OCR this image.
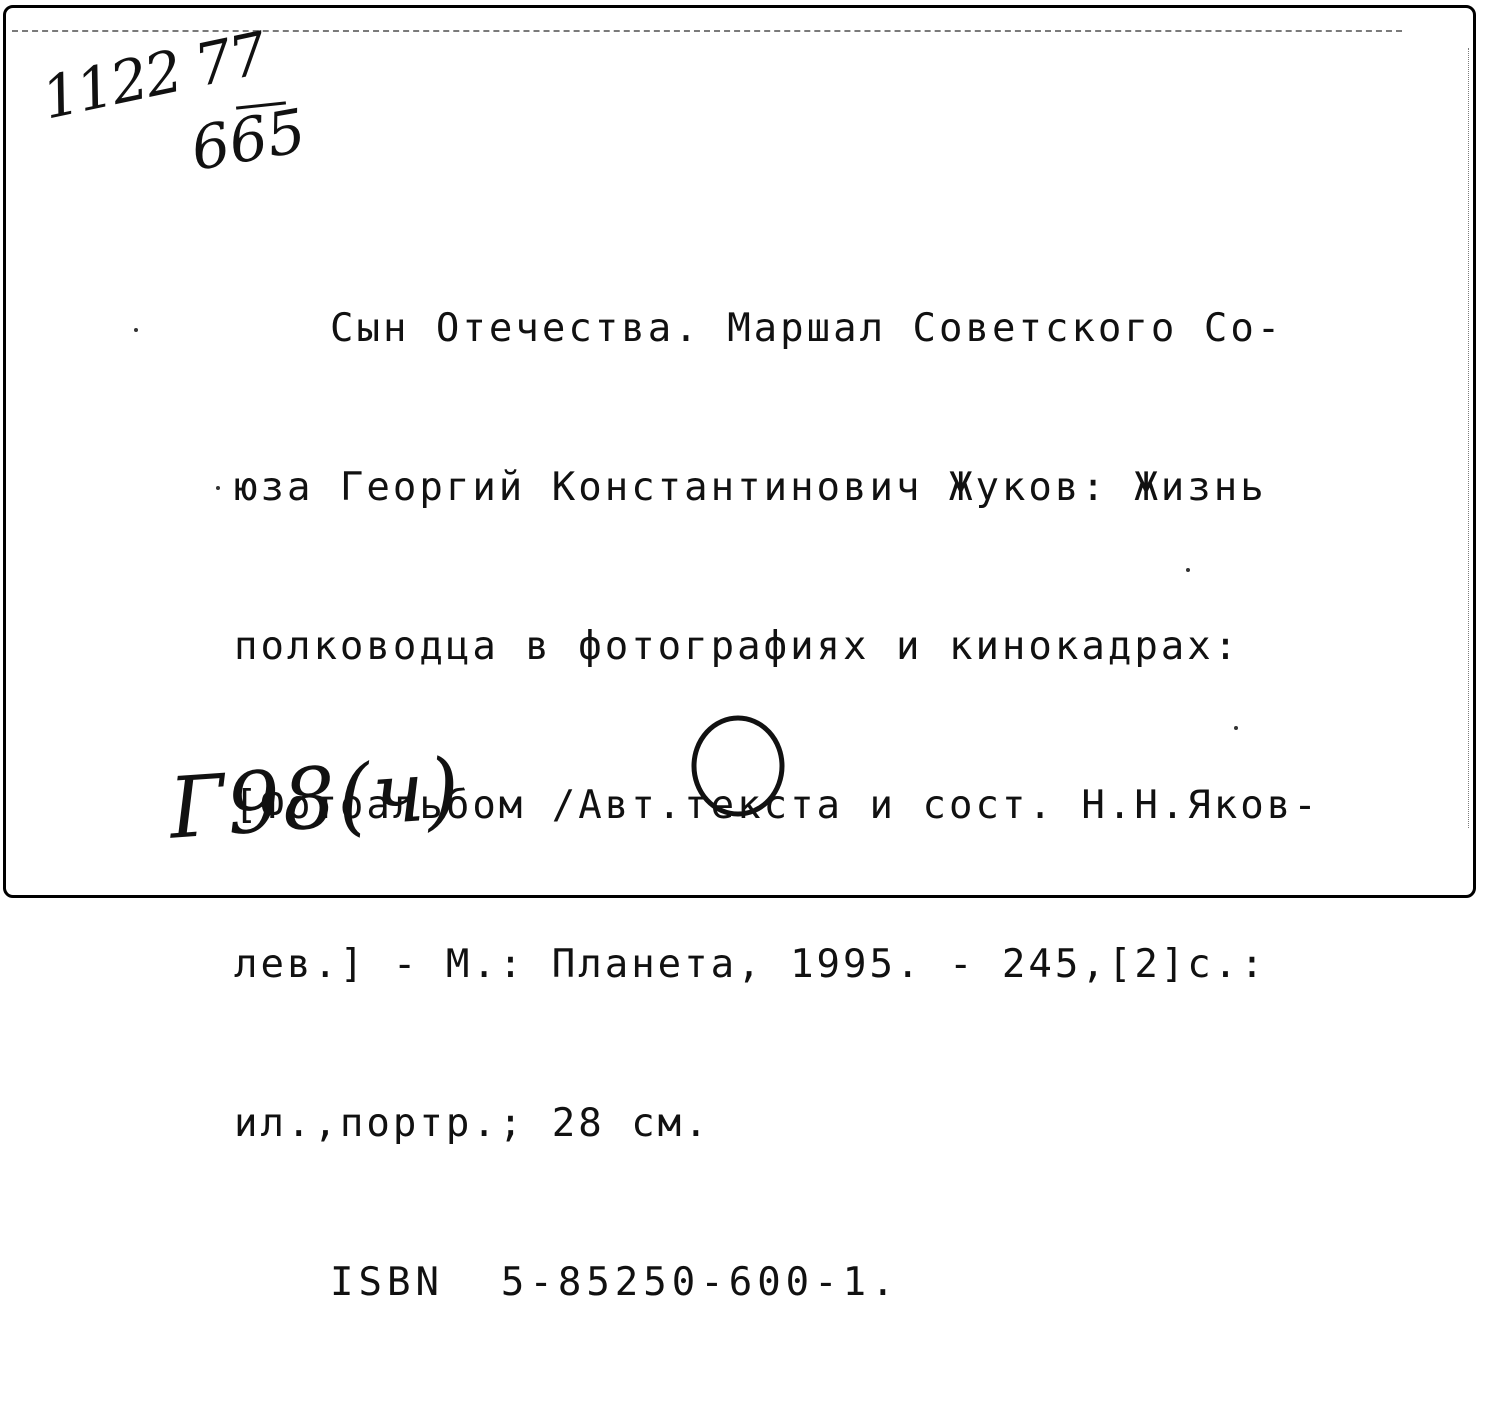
1122 77
665

Сын Отечества. Маршал Советского Со-

юза Георгий Константинович Жуков: Жизнь

полководца в фотографиях и кинокадрах:

[Фотоальбом /Авт.текста и сост. Н.Н.Яков-

лев.] - М.: Планета, 1995. - 245,[2]с.:

ил.,портр.; 28 см.

ISBN  5-85250-600-1.

Г98(ч)
